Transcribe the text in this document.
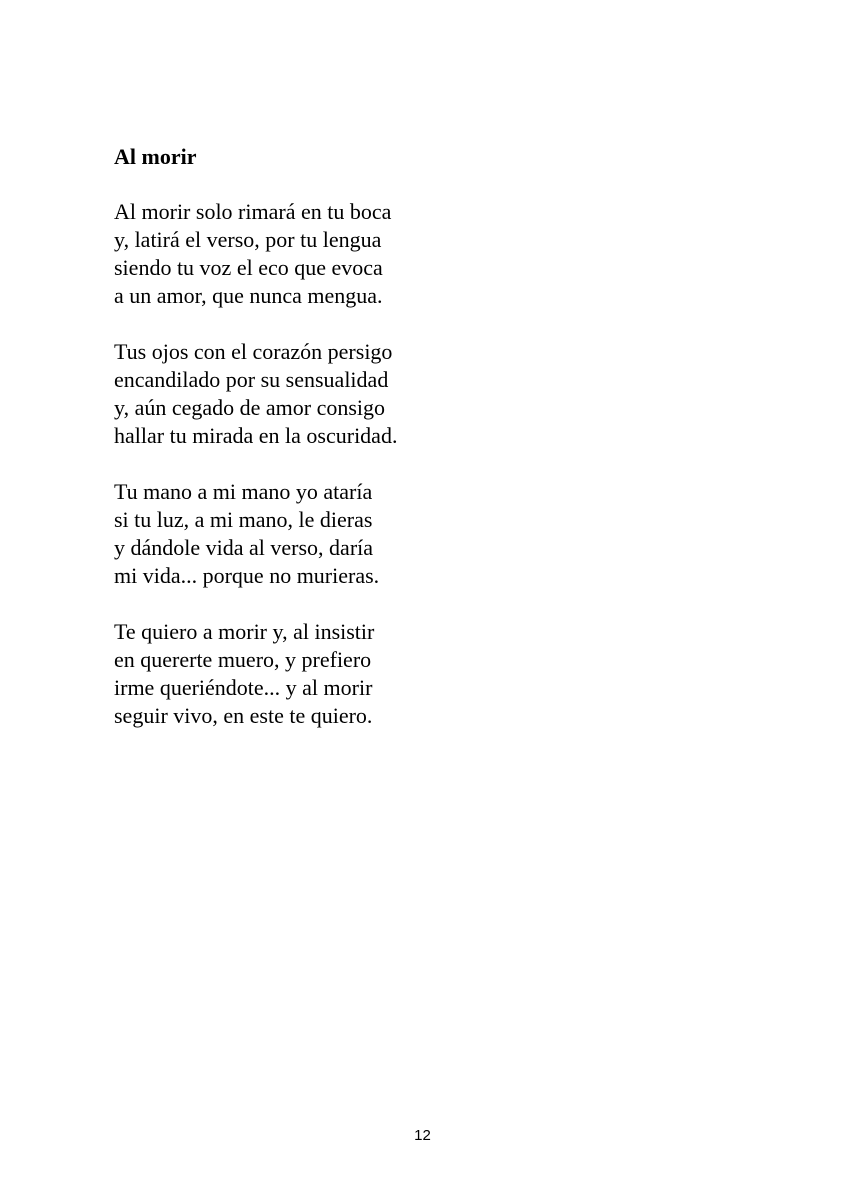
Al morir
Al morir solo rimará en tu boca
y, latirá el verso, por tu lengua
siendo tu voz el eco que evoca
a un amor, que nunca mengua.
Tus ojos con el corazón persigo
encandilado por su sensualidad
y, aún cegado de amor consigo
hallar tu mirada en la oscuridad.
Tu mano a mi mano yo ataría
si tu luz, a mi mano, le dieras
y dándole vida al verso, daría
mi vida... porque no murieras.
Te quiero a morir y, al insistir
en quererte muero, y prefiero
irme queriéndote... y al morir
seguir vivo, en este te quiero.
12
